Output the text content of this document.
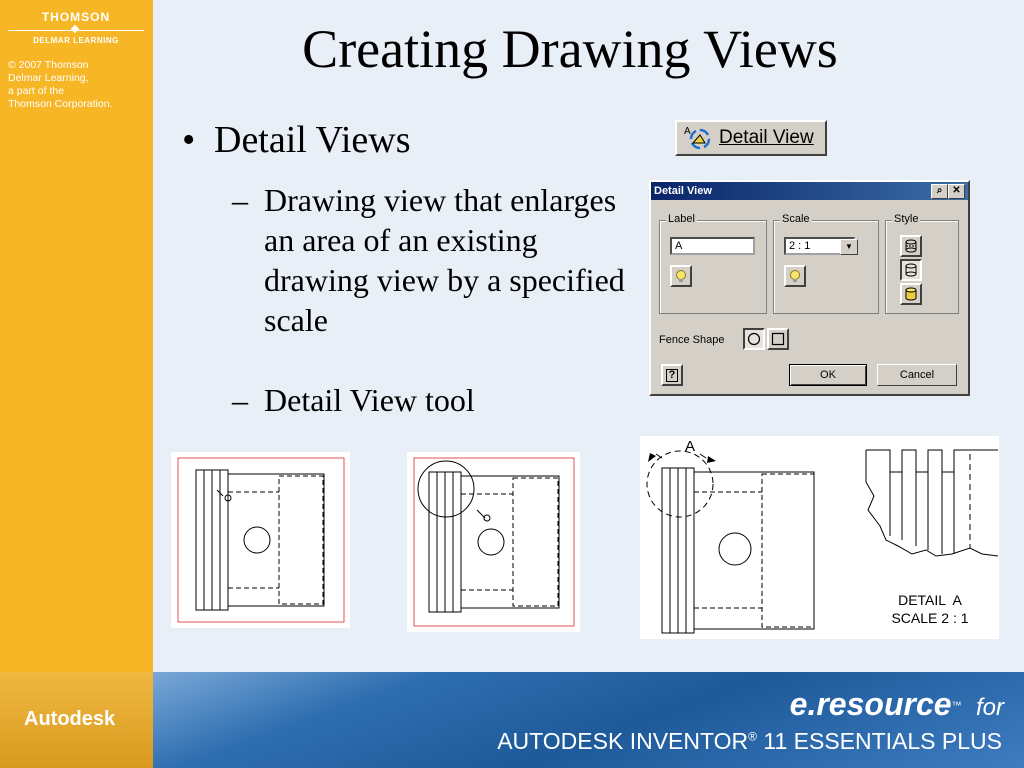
THOMSON
DELMAR LEARNING
© 2007 Thomson
Delmar Learning,
a part of the
Thomson Corporation.
Creating Drawing Views
• Detail Views
– Drawing view that enlarges an area of an existing drawing view by a specified scale
– Detail View tool
A Detail View
Detail View	⌕	✕
Label
A
Scale
2 : 1	▼
Style
Fence Shape
?	OK	Cancel
A
DETAIL  A
SCALE 2 : 1
Autodesk	e.resource™ for
AUTODESK INVENTOR® 11 ESSENTIALS PLUS
